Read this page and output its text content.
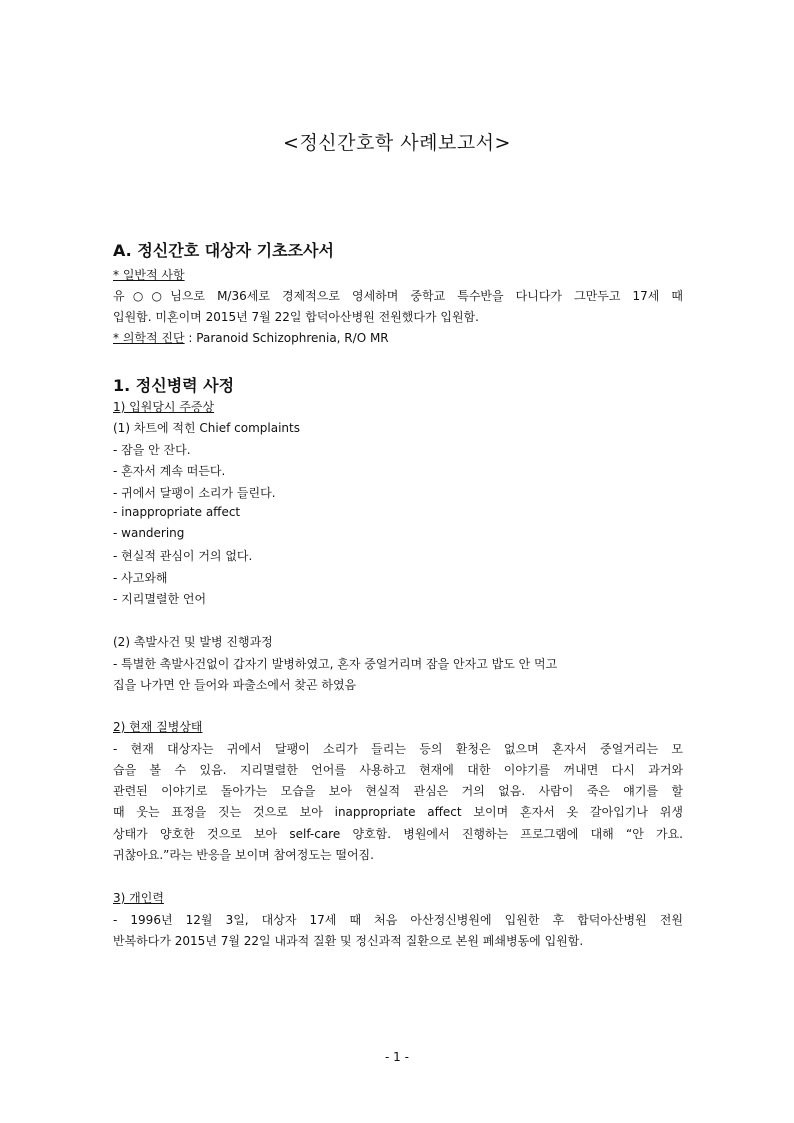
<정신간호학 사례보고서>
A. 정신간호 대상자 기초조사서
* 일반적 사항
유○○님으로 M/36세로 경제적으로 영세하며 중학교 특수반을 다니다가 그만두고 17세 때
입원함. 미혼이며 2015년 7월 22일 합덕아산병원 전원했다가 입원함.
* 의학적 진단 : Paranoid Schizophrenia, R/O MR
1. 정신병력 사정
1) 입원당시 주증상
(1) 차트에 적힌 Chief complaints
- 잠을 안 잔다.
- 혼자서 계속 떠든다.
- 귀에서 달팽이 소리가 들린다.
- inappropriate affect
- wandering
- 현실적 관심이 거의 없다.
- 사고와해
- 지리멸렬한 언어
(2) 촉발사건 및 발병 진행과정
- 특별한 촉발사건없이 갑자기 발병하였고, 혼자 중얼거리며 잠을 안자고 밥도 안 먹고
집을 나가면 안 들어와 파출소에서 찾곤 하였음
2) 현재 질병상태
- 현재 대상자는 귀에서 달팽이 소리가 들리는 등의 환청은 없으며 혼자서 중얼거리는 모
습을 볼 수 있음. 지리멸렬한 언어를 사용하고 현재에 대한 이야기를 꺼내면 다시 과거와
관련된 이야기로 돌아가는 모습을 보아 현실적 관심은 거의 없음. 사람이 죽은 얘기를 할
때 웃는 표정을 짓는 것으로 보아 inappropriate affect 보이며 혼자서 옷 갈아입기나 위생
상태가 양호한 것으로 보아 self-care 양호함. 병원에서 진행하는 프로그램에 대해 “안 가요.
귀찮아요.”라는 반응을 보이며 참여정도는 떨어짐.
3) 개인력
- 1996년 12월 3일, 대상자 17세 때 처음 아산정신병원에 입원한 후 합덕아산병원 전원
반복하다가 2015년 7월 22일 내과적 질환 및 정신과적 질환으로 본원 폐쇄병동에 입원함.
- 1 -
